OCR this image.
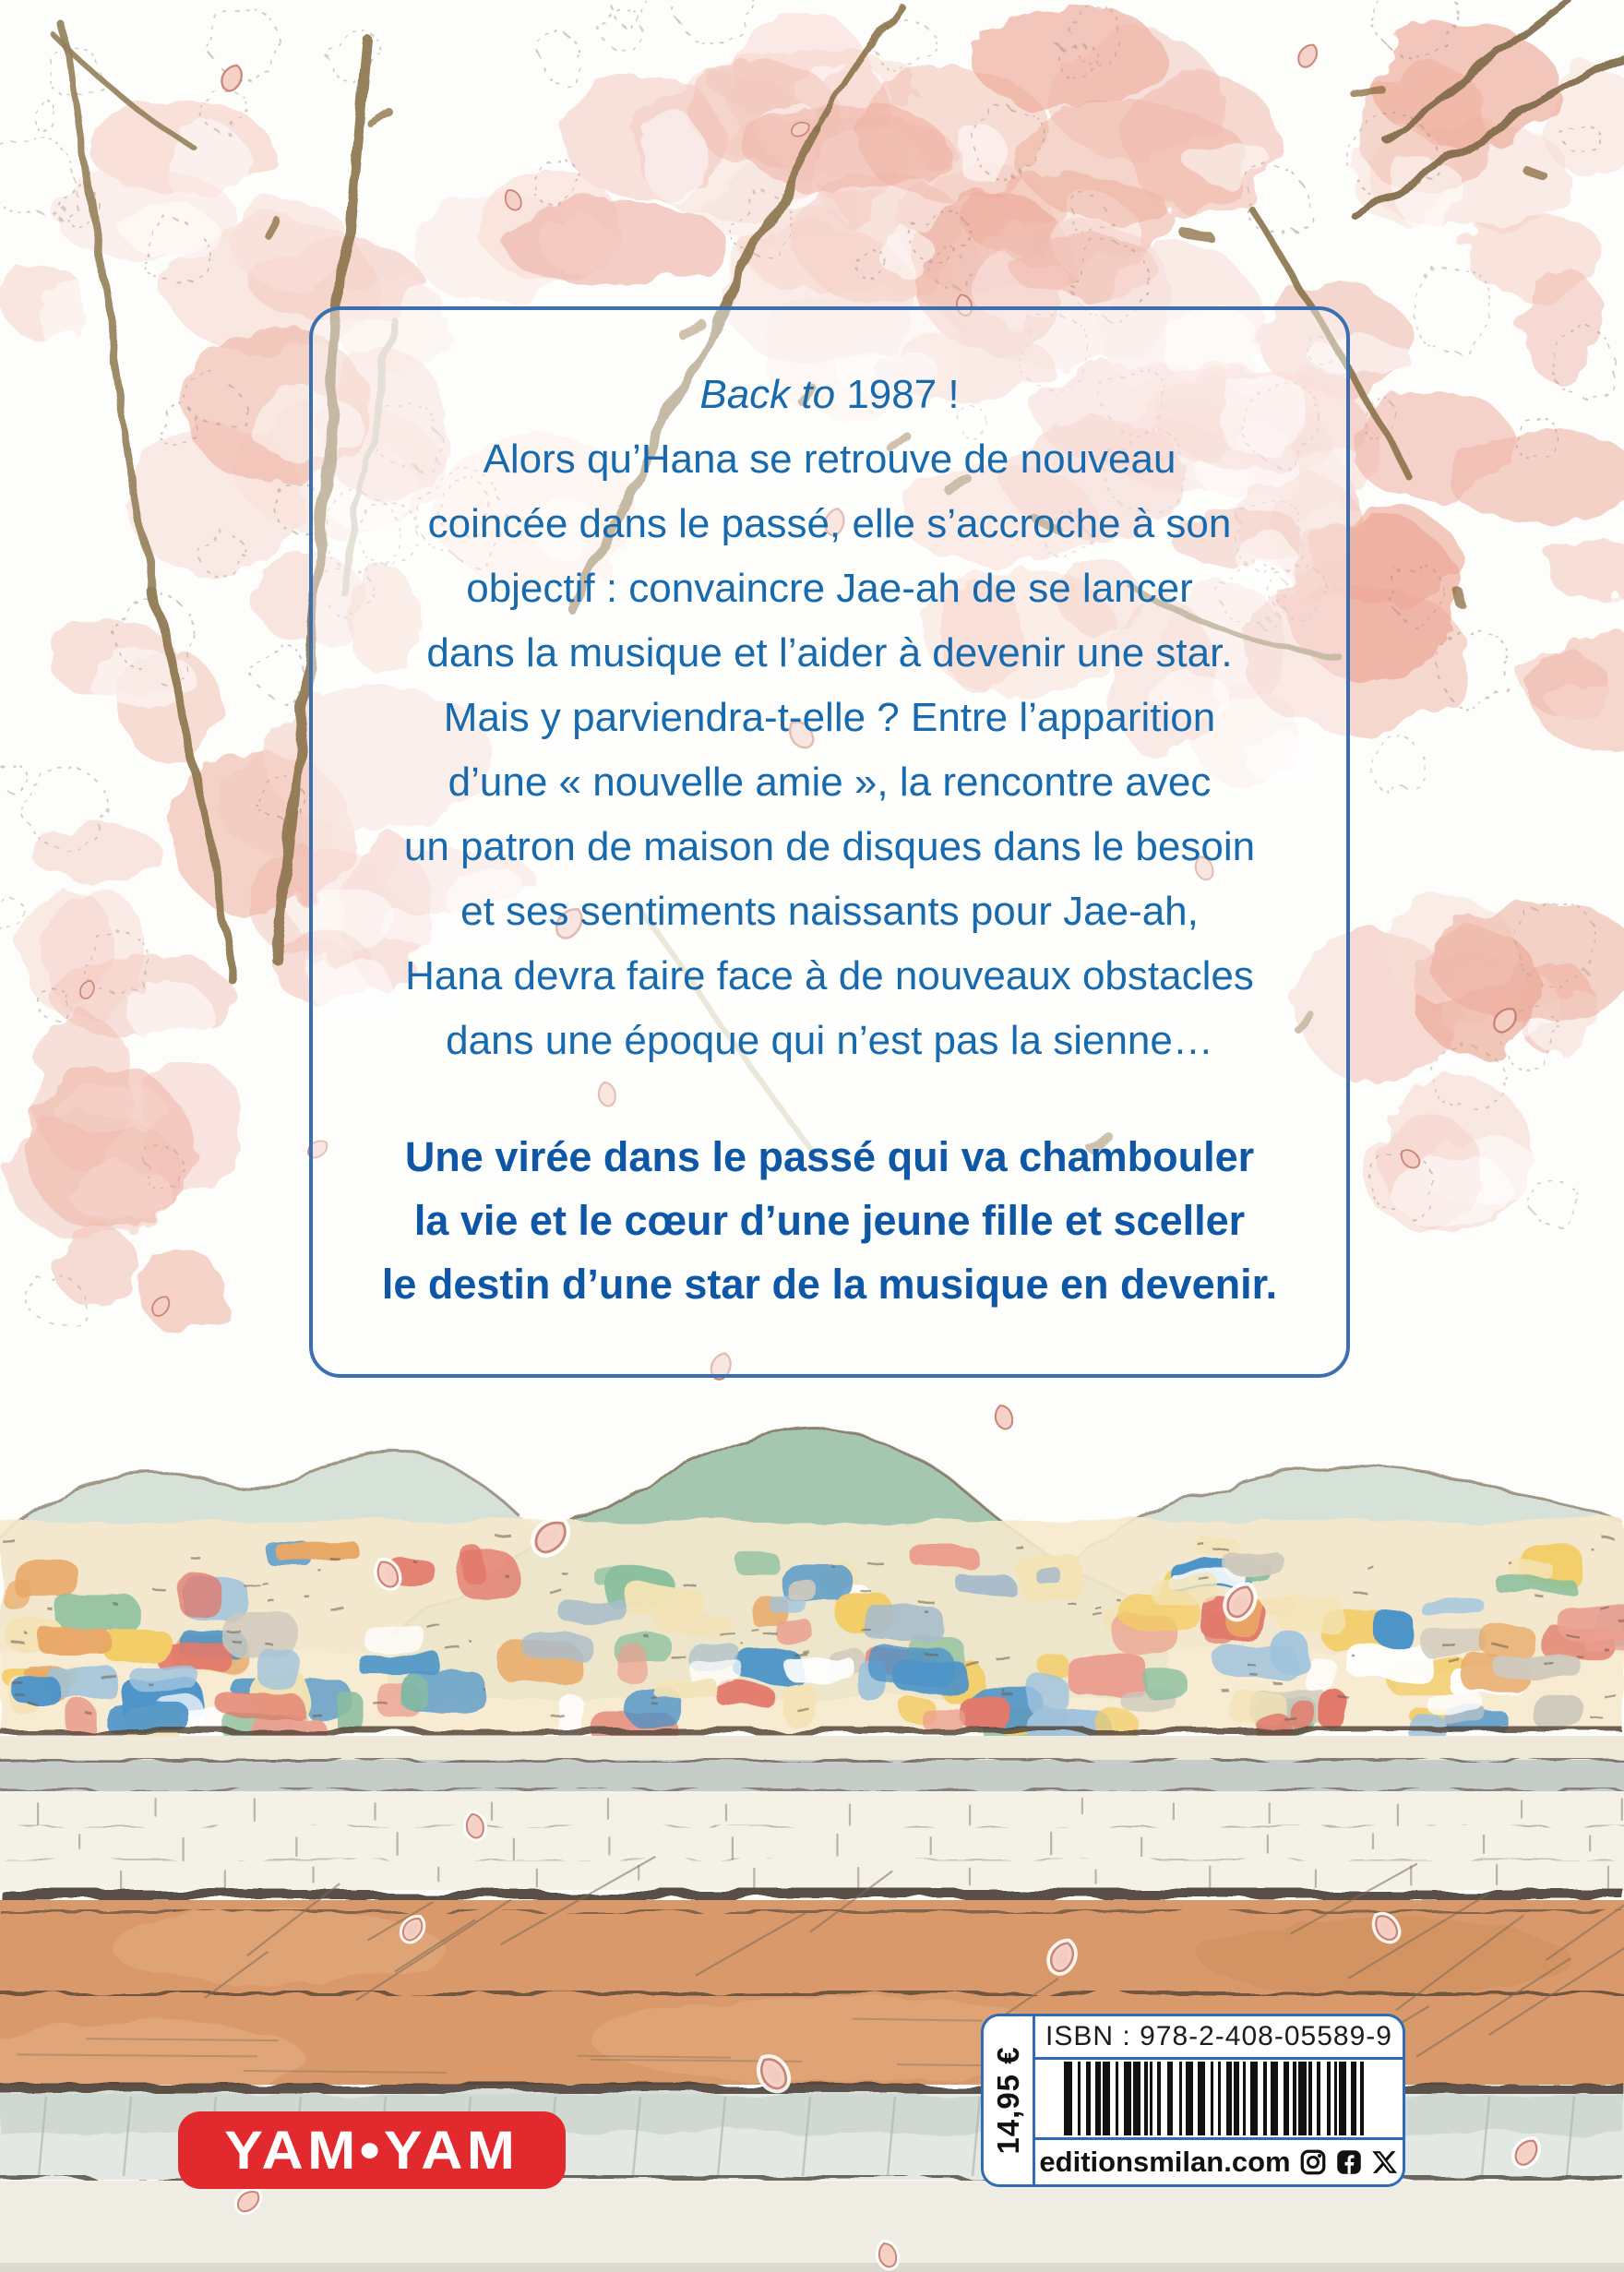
Back to 1987 !
Alors qu’Hana se retrouve de nouveau
coincée dans le passé, elle s’accroche à son
objectif : convaincre Jae-ah de se lancer
dans la musique et l’aider à devenir une star.
Mais y parviendra-t-elle ? Entre l’apparition
d’une « nouvelle amie », la rencontre avec
un patron de maison de disques dans le besoin
et ses sentiments naissants pour Jae-ah,
Hana devra faire face à de nouveaux obstacles
dans une époque qui n’est pas la sienne…
Une virée dans le passé qui va chambouler
la vie et le cœur d’une jeune fille et sceller
le destin d’une star de la musique en devenir.
YAM•YAM	14,95 €
ISBN : 978-2-408-05589-9
editionsmilan.com
